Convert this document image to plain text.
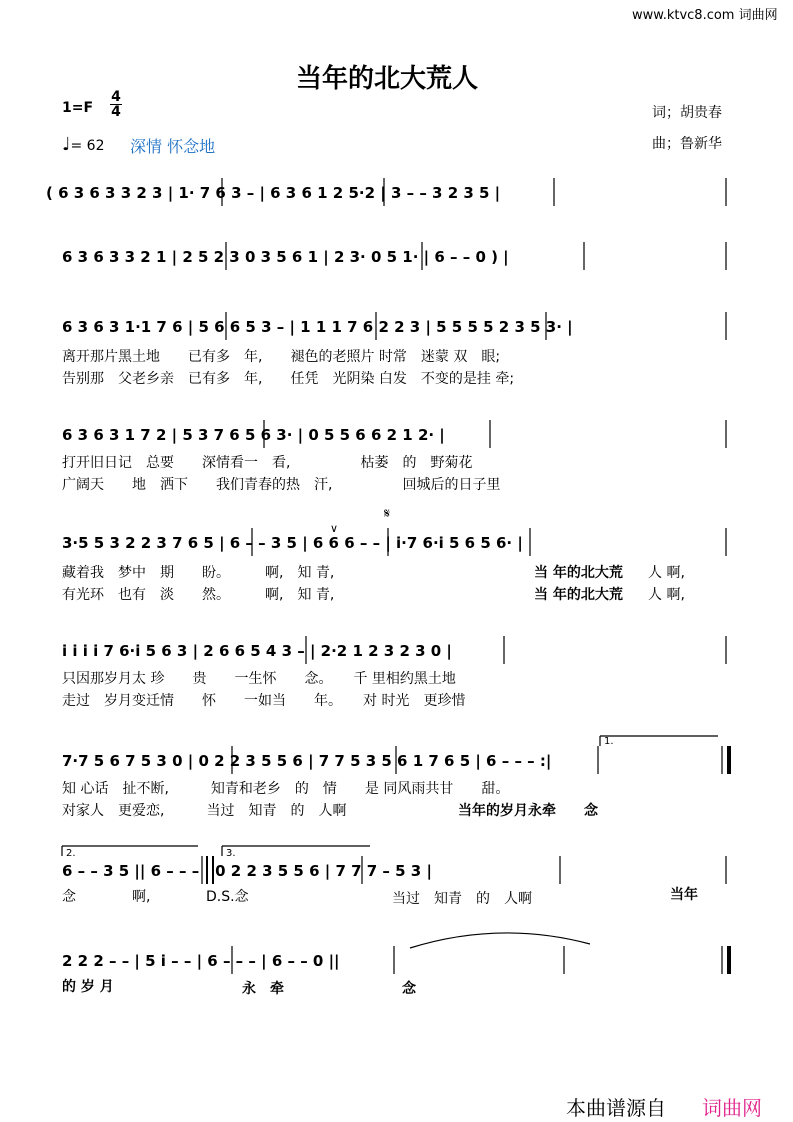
www.ktvc8.com 词曲网
当年的北大荒人
1=F
4
4
♩= 62 深情 怀念地
词；胡贵春
曲；鲁新华
( 6 3 6 3 3 2 3 | 1· 7 6 3 – | 6 3 6 1 2 5·2 | 3 – – 3 2 3 5 |
6 3 6 3 3 2 1 | 2 5 2 3 0 3 5 6 1 | 2 3· 0 5 1· | 6 – – 0 ) |
6 3 6 3 1·1 7 6 | 5 6 6 5 3 – | 1 1 1 7 6 2 2 3 | 5 5 5 5 2 3 5 3· |
离开那片黑土地　　已有多　年,　　褪色的老照片 时常　迷蒙 双　眼;
告别那　父老乡亲　已有多　年,　　任凭　光阴染 白发　不变的是挂 牵;
6 3 6 3 1 7 2 | 5 3 7 6 5 6 3· | 0 5 5 6 6 2 1 2· |
打开旧日记　总要　　深情看一　看,　　　　　枯萎　的　野菊花
广阔天　　地　洒下　　我们青春的热　汗,　　　　　回城后的日子里
𝄋
∨
3·5 5 3 2 2 3 7 6 5 | 6 – – 3 5 | 6 6 6 – – | i·7 6·i 5 6 5 6· |
藏着我　梦中　期　　盼。　　　啊,　知 青,
有光环　也有　淡　　然。　　　啊,　知 青,
当 年的北大荒
当 年的北大荒
人 啊,
人 啊,
i i i i 7 6·i 5 6 3 | 2 6 6 5 4 3 – | 2·2 1 2 3 2 3 0 |
只因那岁月太 珍　　贵　　一生怀　　念。　　千 里相约黑土地
走过　岁月变迁情　　怀　　一如当　　年。　　对 时光　更珍惜
1.
7·7 5 6 7 5 3 0 | 0 2 2 3 5 5 6 | 7 7 5 3 5 6 1 7 6 5 | 6 – – – :|
知 心话　扯不断,　　　知青和老乡　的　情　　是 同风雨共甘　　甜。
对家人　更爱恋,　　　当过　知青　的　人啊	当年的岁月永牵　　念
2.	3.
6 – – 3 5 || 6 – – – | 0 2 2 3 5 5 6 | 7 7 7 – 5 3 |
念　　　　啊,	D.S.念	当过　知青　的　人啊	当年
2 2 2 – – | 5 i – – | 6 – – – | 6 – – 0 ||
的 岁 月	永　牵	念
本曲谱源自 词曲网
